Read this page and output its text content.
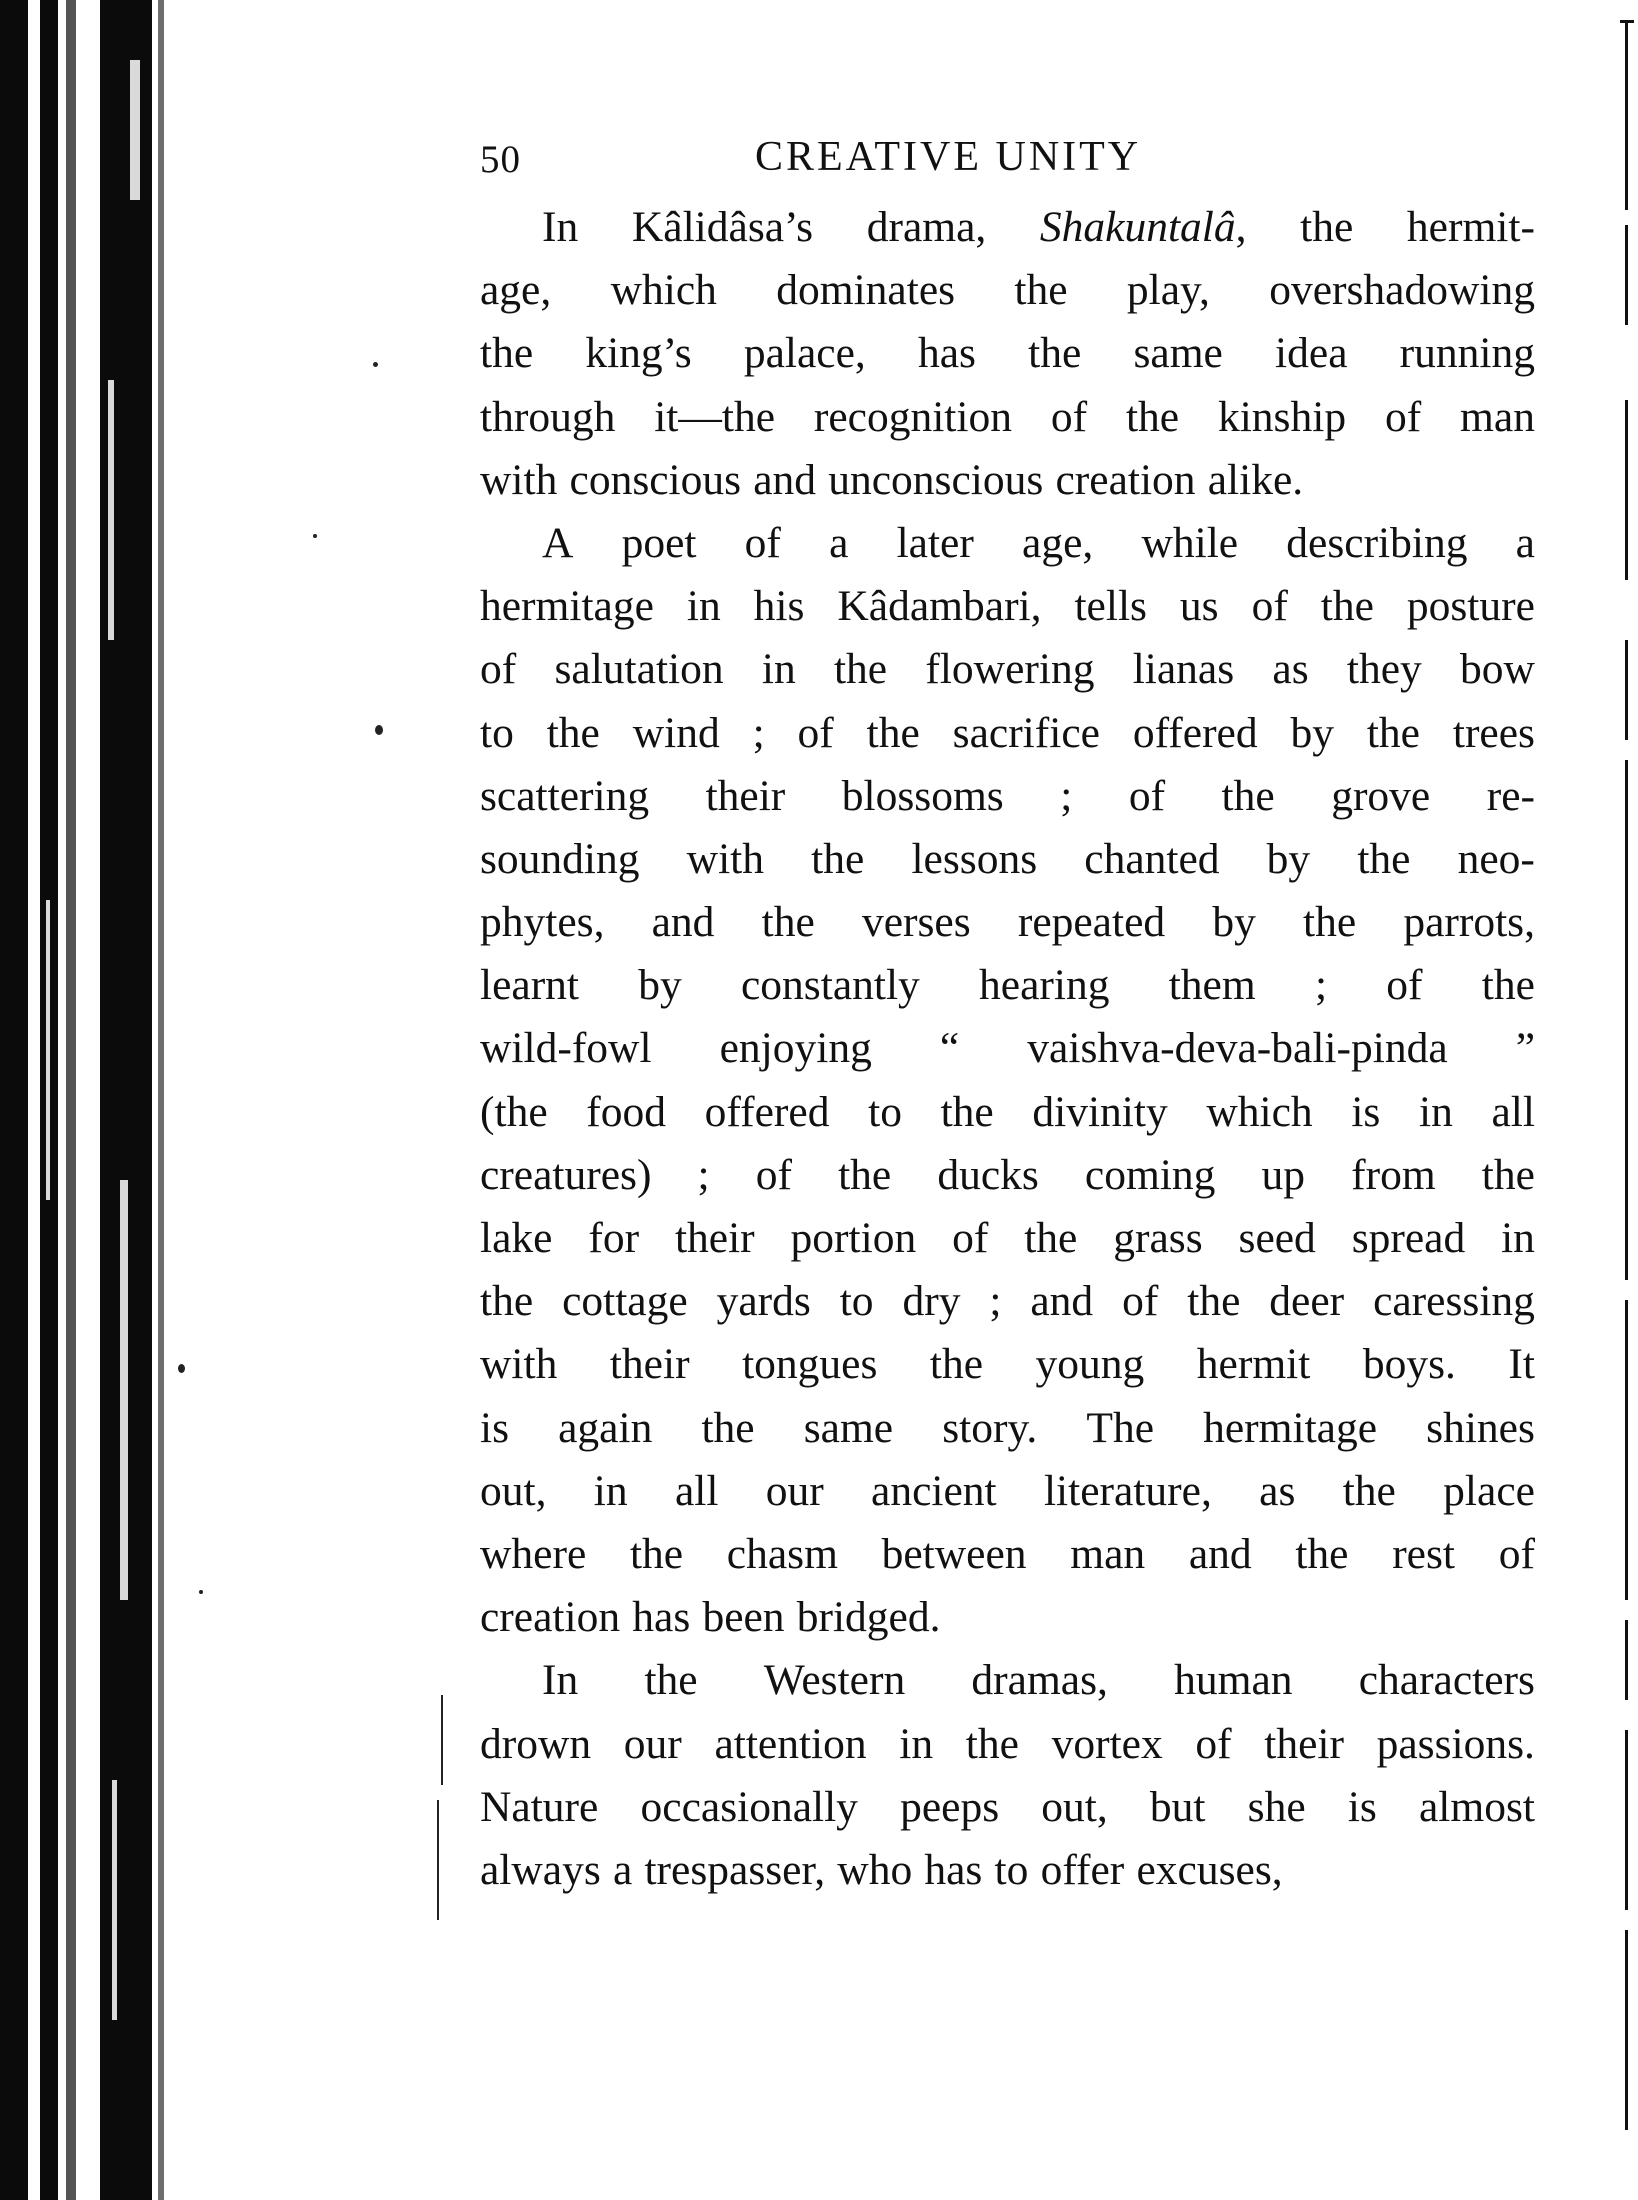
50	CREATIVE UNITY
In Kâlidâsa’s drama, Shakuntalâ, the hermit-
age, which dominates the play, overshadowing
the king’s palace, has the same idea running
through it—the recognition of the kinship of man
with conscious and unconscious creation alike.
A poet of a later age, while describing a
hermitage in his Kâdambari, tells us of the posture
of salutation in the flowering lianas as they bow
to the wind ; of the sacrifice offered by the trees
scattering their blossoms ; of the grove re-
sounding with the lessons chanted by the neo-
phytes, and the verses repeated by the parrots,
learnt by constantly hearing them ; of the
wild-fowl enjoying “ vaishva-deva-bali-pinda ”
(the food offered to the divinity which is in all
creatures) ; of the ducks coming up from the
lake for their portion of the grass seed spread in
the cottage yards to dry ; and of the deer caressing
with their tongues the young hermit boys. It
is again the same story. The hermitage shines
out, in all our ancient literature, as the place
where the chasm between man and the rest of
creation has been bridged.
In the Western dramas, human characters
drown our attention in the vortex of their passions.
Nature occasionally peeps out, but she is almost
always a trespasser, who has to offer excuses,
